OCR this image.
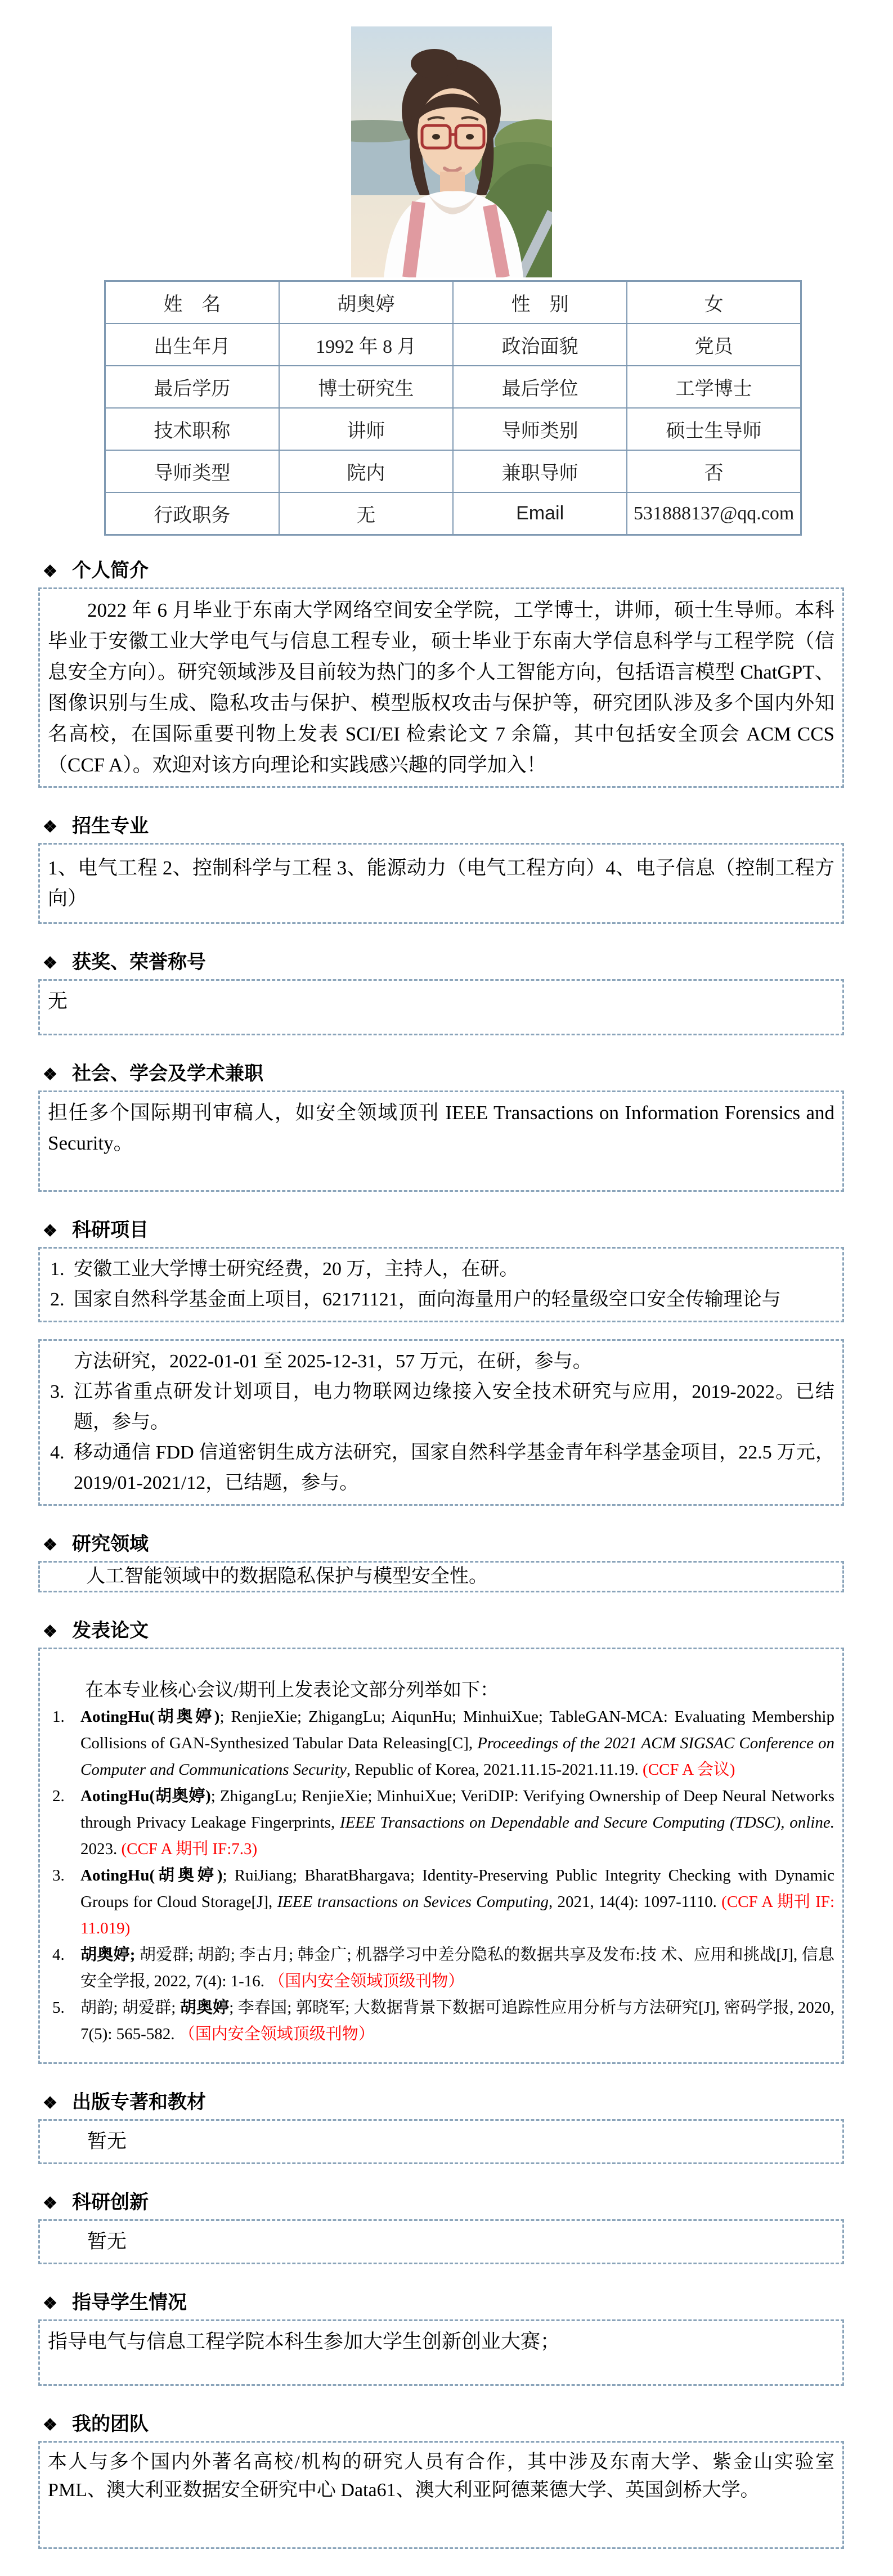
姓　名	胡奥婷	性　别	女
出生年月	1992 年 8 月	政治面貌	党员
最后学历	博士研究生	最后学位	工学博士
技术职称	讲师	导师类别	硕士生导师
导师类型	院内	兼职导师	否
行政职务	无	Email	531888137@qq.com
❖ 个人简介

2022 年 6 月毕业于东南大学网络空间安全学院，工学博士，讲师，硕士生导师。本科毕业于安徽工业大学电气与信息工程专业，硕士毕业于东南大学信息科学与工程学院（信息安全方向）。研究领域涉及目前较为热门的多个人工智能方向，包括语言模型 ChatGPT、图像识别与生成、隐私攻击与保护、模型版权攻击与保护等，研究团队涉及多个国内外知名高校，在国际重要刊物上发表 SCI/EI 检索论文 7 余篇，其中包括安全顶会 ACM CCS（CCF A）。欢迎对该方向理论和实践感兴趣的同学加入！

❖ 招生专业

1、电气工程 2、控制科学与工程 3、能源动力（电气工程方向）4、电子信息（控制工程方向）

❖ 获奖、荣誉称号

无

❖ 社会、学会及学术兼职

担任多个国际期刊审稿人，如安全领域顶刊 IEEE Transactions on Information Forensics and Security。

❖ 科研项目
1. 安徽工业大学博士研究经费，20 万，主持人，在研。
2. 国家自然科学基金面上项目，62171121，面向海量用户的轻量级空口安全传输理论与
方法研究，2022-01-01 至 2025-12-31，57 万元，在研，参与。
3. 江苏省重点研发计划项目，电力物联网边缘接入安全技术研究与应用，2019-2022。已结题，参与。
4. 移动通信 FDD 信道密钥生成方法研究，国家自然科学基金青年科学基金项目，22.5 万元，2019/01-2021/12，已结题，参与。
❖ 研究领域

人工智能领域中的数据隐私保护与模型安全性。

❖ 发表论文

在本专业核心会议/期刊上发表论文部分列举如下：

1. AotingHu(胡奥婷); RenjieXie; ZhigangLu; AiqunHu; MinhuiXue; TableGAN-MCA: Evaluating Membership Collisions of GAN-Synthesized Tabular Data Releasing[C], Proceedings of the 2021 ACM SIGSAC Conference on Computer and Communications Security, Republic of Korea, 2021.11.15-2021.11.19. (CCF A 会议)
2. AotingHu(胡奥婷); ZhigangLu; RenjieXie; MinhuiXue; VeriDIP: Verifying Ownership of Deep Neural Networks through Privacy Leakage Fingerprints, IEEE Transactions on Dependable and Secure Computing (TDSC), online. 2023. (CCF A 期刊 IF:7.3)
3. AotingHu(胡奥婷); RuiJiang; BharatBhargava; Identity-Preserving Public Integrity Checking with Dynamic Groups for Cloud Storage[J], IEEE transactions on Sevices Computing, 2021, 14(4): 1097-1110. (CCF A 期刊 IF: 11.019)
4. 胡奥婷; 胡爱群; 胡韵; 李古月; 韩金广; 机器学习中差分隐私的数据共享及发布:技 术、应用和挑战[J], 信息安全学报, 2022, 7(4): 1-16. （国内安全领域顶级刊物）
5. 胡韵; 胡爱群; 胡奥婷; 李春国; 郭晓军; 大数据背景下数据可追踪性应用分析与方法研究[J], 密码学报, 2020, 7(5): 565-582. （国内安全领域顶级刊物）
❖ 出版专著和教材

暂无

❖ 科研创新

暂无

❖ 指导学生情况

指导电气与信息工程学院本科生参加大学生创新创业大赛；

❖ 我的团队

本人与多个国内外著名高校/机构的研究人员有合作，其中涉及东南大学、紫金山实验室 PML、澳大利亚数据安全研究中心 Data61、澳大利亚阿德莱德大学、英国剑桥大学。
